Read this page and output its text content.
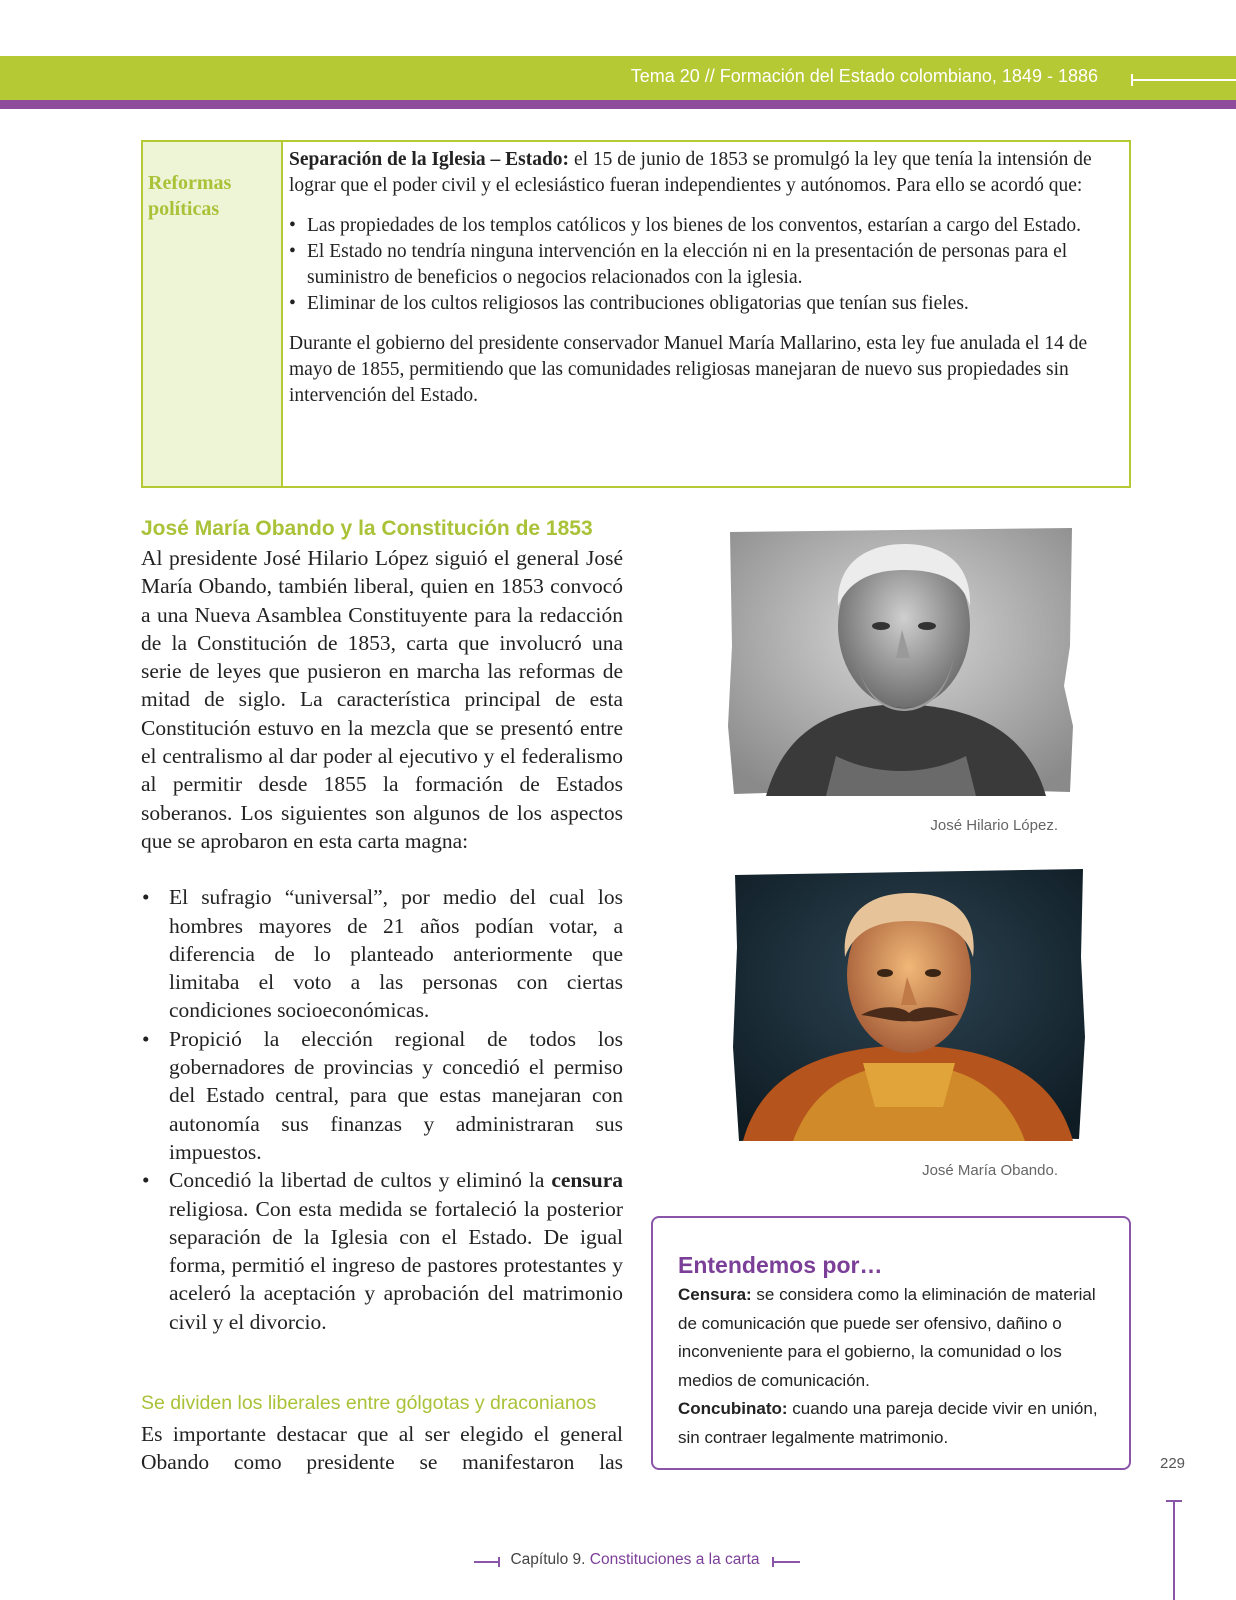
Tema 20 // Formación del Estado colombiano, 1849 - 1886
Reformas políticas

Separación de la Iglesia – Estado: el 15 de junio de 1853 se promulgó la ley que tenía la intensión de lograr que el poder civil y el eclesiástico fueran independientes y autónomos. Para ello se acordó que:

• Las propiedades de los templos católicos y los bienes de los conventos, estarían a cargo del Estado.
• El Estado no tendría ninguna intervención en la elección ni en la presentación de personas para el suministro de beneficios o negocios relacionados con la iglesia.
• Eliminar de los cultos religiosos las contribuciones obligatorias que tenían sus fieles.

Durante el gobierno del presidente conservador Manuel María Mallarino, esta ley fue anulada el 14 de mayo de 1855, permitiendo que las comunidades religiosas manejaran de nuevo sus propiedades sin intervención del Estado.

José María Obando y la Constitución de 1853

Al presidente José Hilario López siguió el general José María Obando, también liberal, quien en 1853 convocó a una Nueva Asamblea Constituyente para la redacción de la Constitución de 1853, carta que involucró una serie de leyes que pusieron en marcha las reformas de mitad de siglo. La característica principal de esta Constitución estuvo en la mezcla que se presentó entre el centralismo al dar poder al ejecutivo y el federalismo al permitir desde 1855 la formación de Estados soberanos. Los siguientes son algunos de los aspectos que se aprobaron en esta carta magna:

• El sufragio “universal”, por medio del cual los hombres mayores de 21 años podían votar, a diferencia de lo planteado anteriormente que limitaba el voto a las personas con ciertas condiciones socioeconómicas.
• Propició la elección regional de todos los gobernadores de provincias y concedió el permiso del Estado central, para que estas manejaran con autonomía sus finanzas y administraran sus impuestos.
• Concedió la libertad de cultos y eliminó la censura religiosa. Con esta medida se fortaleció la posterior separación de la Iglesia con el Estado. De igual forma, permitió el ingreso de pastores protestantes y aceleró la aceptación y aprobación del matrimonio civil y el divorcio.
Se dividen los liberales entre gólgotas y draconianos
Es importante destacar que al ser elegido el general Obando como presidente se manifestaron las
José Hilario López.
José María Obando.
Entendemos por…

Censura: se considera como la eliminación de material de comunicación que puede ser ofensivo, dañino o inconveniente para el gobierno, la comunidad o los medios de comunicación.

Concubinato: cuando una pareja decide vivir en unión, sin contraer legalmente matrimonio.

229
Capítulo 9. Constituciones a la carta
